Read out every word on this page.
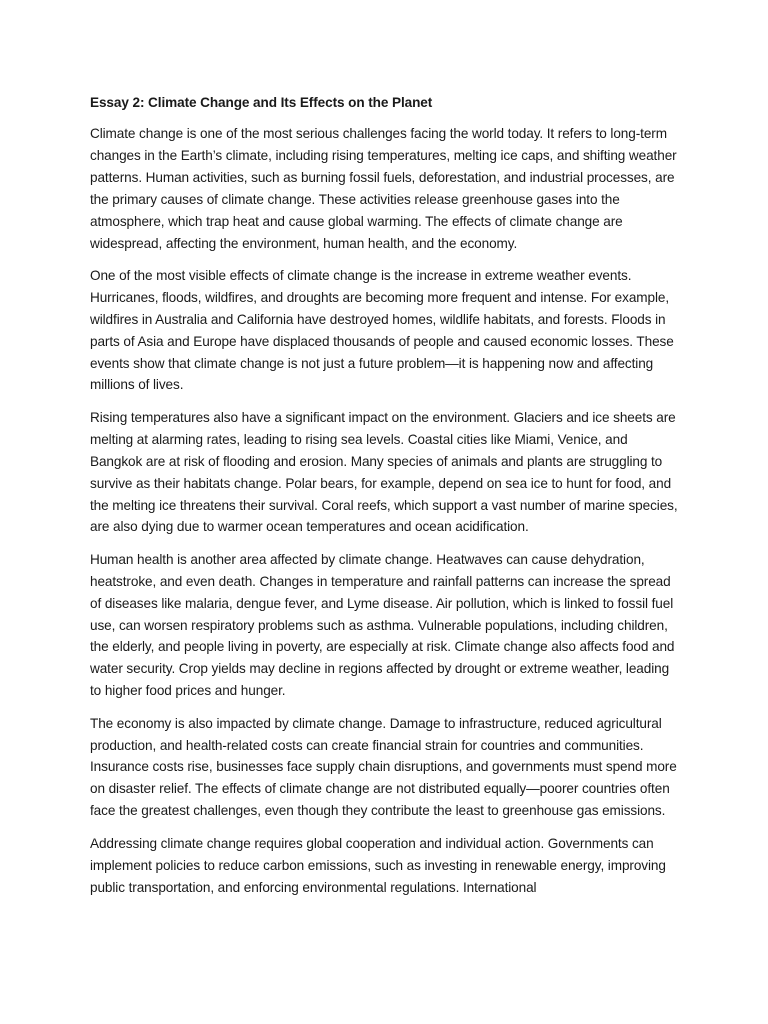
Essay 2: Climate Change and Its Effects on the Planet

Climate change is one of the most serious challenges facing the world today. It refers to long-term changes in the Earth’s climate, including rising temperatures, melting ice caps, and shifting weather patterns. Human activities, such as burning fossil fuels, deforestation, and industrial processes, are the primary causes of climate change. These activities release greenhouse gases into the atmosphere, which trap heat and cause global warming. The effects of climate change are widespread, affecting the environment, human health, and the economy.

One of the most visible effects of climate change is the increase in extreme weather events. Hurricanes, floods, wildfires, and droughts are becoming more frequent and intense. For example, wildfires in Australia and California have destroyed homes, wildlife habitats, and forests. Floods in parts of Asia and Europe have displaced thousands of people and caused economic losses. These events show that climate change is not just a future problem—it is happening now and affecting millions of lives.

Rising temperatures also have a significant impact on the environment. Glaciers and ice sheets are melting at alarming rates, leading to rising sea levels. Coastal cities like Miami, Venice, and Bangkok are at risk of flooding and erosion. Many species of animals and plants are struggling to survive as their habitats change. Polar bears, for example, depend on sea ice to hunt for food, and the melting ice threatens their survival. Coral reefs, which support a vast number of marine species, are also dying due to warmer ocean temperatures and ocean acidification.

Human health is another area affected by climate change. Heatwaves can cause dehydration, heatstroke, and even death. Changes in temperature and rainfall patterns can increase the spread of diseases like malaria, dengue fever, and Lyme disease. Air pollution, which is linked to fossil fuel use, can worsen respiratory problems such as asthma. Vulnerable populations, including children, the elderly, and people living in poverty, are especially at risk. Climate change also affects food and water security. Crop yields may decline in regions affected by drought or extreme weather, leading to higher food prices and hunger.

The economy is also impacted by climate change. Damage to infrastructure, reduced agricultural production, and health-related costs can create financial strain for countries and communities. Insurance costs rise, businesses face supply chain disruptions, and governments must spend more on disaster relief. The effects of climate change are not distributed equally—poorer countries often face the greatest challenges, even though they contribute the least to greenhouse gas emissions.

Addressing climate change requires global cooperation and individual action. Governments can implement policies to reduce carbon emissions, such as investing in renewable energy, improving public transportation, and enforcing environmental regulations. International
